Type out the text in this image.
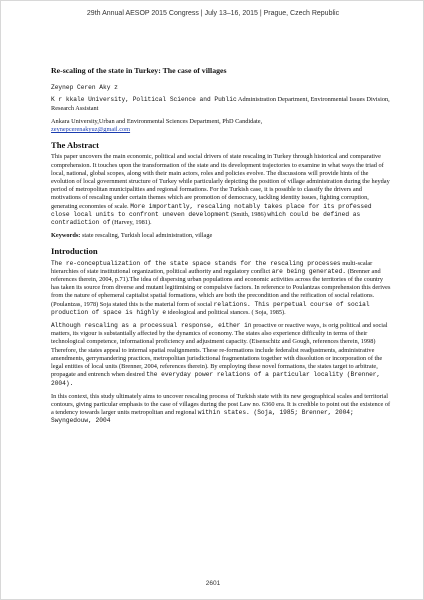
29th Annual AESOP 2015 Congress | July 13–16, 2015 | Prague, Czech Republic
Re-scaling of the state in Turkey: The case of villages
Zeynep Ceren Aky z

K r kkale University, Political Science and Public Administration Department, Environmental Issues Division, Research Assistant

Ankara University,Urban and Environmental Sciences Department, PhD Candidate,
zeynepcerenakyuz@gmail.com

The Abstract

This paper uncovers the main economic, political and social drivers of state rescaling in Turkey through historical and comparative comprehension. It touches upon the transformation of the state and its development trajectories to examine in what ways the triad of local, national, global scopes, along with their main actors, roles and policies evolve. The discussions will provide hints of the evolution of local government structure of Turkey while particularly depicting the position of village administration during the heyday period of metropolitan municipalities and regional formations. For the Turkish case, it is possible to classify the drivers and motivations of rescaling under certain themes which are promotion of democracy, tackling identity issues, fighting corruption, generating economies of scale. More importantly, rescaling notably takes place for its professed close local units to confront uneven development (Smith, 1986) which could be defined as contradiction of (Harvey, 1981).

Keywords: state rescaling, Turkish local administration, village
Introduction

The re-conceptualization of the state space stands for the rescaling processes multi-scalar hierarchies of state institutional organization, political authority and regulatory conflict are being generated. (Brenner and references therein, 2004, p.71).The idea of dispersing urban populations and economic activities across the territories of the country has taken its source from diverse and mutant legitimising or compulsive factors. In reference to Poulantzas comprehension this derives from the nature of ephemeral capitalist spatial formations, which are both the precondition and the reification of social relations. (Poulantzas, 1978) Soja stated this is the material form of social relations. This perpetual course of social production of space is highly e ideological and political stances. ( Soja, 1985).

Although rescaling as a processual response, either in proactive or reactive ways, is orig political and social matters, its vigour is substantially affected by the dynamics of economy. The states also experience difficulty in terms of their technological competence, informational proficiency and adjustment capacity. (Eisenschitz and Gough, references therein, 1998) Therefore, the states appeal to internal spatial realignments. These re-formations include federalist readjustments, administrative amendments, gerrymandering practices, metropolitan jurisdictional fragmentations together with dissolution or incorporation of the legal entities of local units (Brenner, 2004, references therein). By employing these novel formations, the states target to arbitrate, propagate and entrench when desired the everyday power relations of a particular locality (Brenner, 2004).

In this context, this study ultimately aims to uncover rescaling process of Turkish state with its new geographical scales and territorial contours, giving particular emphasis to the case of villages during the post Law no. 6360 era. It is credible to point out the existence of a tendency towards larger units metropolitan and regional within states. (Soja, 1985; Brenner, 2004; Swyngedouw, 2004

2601
